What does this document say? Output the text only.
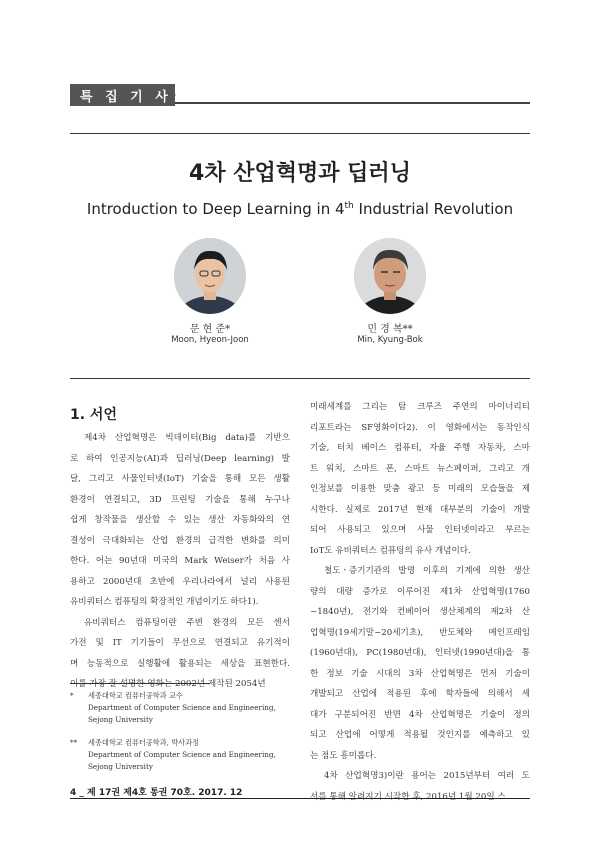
특 집 기 사
4차 산업혁명과 딥러닝
Introduction to Deep Learning in 4th Industrial Revolution
문 현 준*
Moon, Hyeon-Joon
민 경 복**
Min, Kyung-Bok
1. 서언
제4차 산업혁명은 빅데이터(Big data)를 기반으
로 하여 인공지능(AI)과 딥러닝(Deep learning) 발
달, 그리고 사물인터넷(IoT) 기술을 통해 모든 생활
환경이 연결되고, 3D 프린팅 기술을 통해 누구나
쉽게 창작물을 생산할 수 있는 생산 자동화와의 연
결성이 극대화되는 산업 환경의 급격한 변화를 의미
한다. 어는 90년대 미국의 Mark Weiser가 처음 사
용하고 2000년대 초반에 우리나라에서 널리 사용된
유비쿼터스 컴퓨팅의 확장적인 개념이기도 하다1).
유비쿼터스 컴퓨팅이란 주변 환경의 모든 센서
가전 및 IT 기기들이 무선으로 연결되고 유기적이
며 능동적으로 실행활에 활용되는 세상을 표현한다.
이를 가장 잘 설명한 영화는 2002년 제작된 2054년
미래세계를 그리는 탐 크루즈 주연의 마이너리티
리포트라는 SF영화이다2). 이 영화에서는 동작인식
기술, 터치 베이스 컴퓨터, 자율 주행 자동차, 스마
트 워치, 스마트 폰, 스마트 뉴스페이퍼, 그리고 개
인정보를 이용한 맞춤 광고 등 미래의 모습들을 제
시한다. 실제로 2017년 현재 대부분의 기술이 개발
되어 사용되고 있으며 사물 인터넷이라고 부르는
IoT도 유비쿼터스 컴퓨팅의 유사 개념이다.
철도ㆍ증기기관의 발명 이후의 기계에 의한 생산
량의 대량 증가로 이루어진 제1차 산업혁명(1760
~1840년), 전기와 컨베이어 생산체계의 제2차 산
업혁명(19세기말~20세기초), 반도체와 메인프레임
(1960년대), PC(1980년대), 인터넷(1990년대)을 통
한 정보 기술 시대의 3차 산업혁명은 먼저 기술이
개발되고 산업에 적용된 후에 학자들에 의해서 세
대가 구분되어진 반면 4차 산업혁명은 기술이 정의
되고 산업에 어떻게 적용될 것인지를 예측하고 있
는 점도 흥미롭다.
4차 산업혁명3)이란 용어는 2015년부터 여러 도
서를 통해 알려지기 시작한 후, 2016년 1월 20일 스
* 세종대학교 컴퓨터공학과 교수
Department of Computer Science and Engineering,
Sejong University
** 세종대학교 컴퓨터공학과, 박사과정
Department of Computer Science and Engineering,
Sejong University
4 _ 제 17권 제4호 통권 70호. 2017. 12
